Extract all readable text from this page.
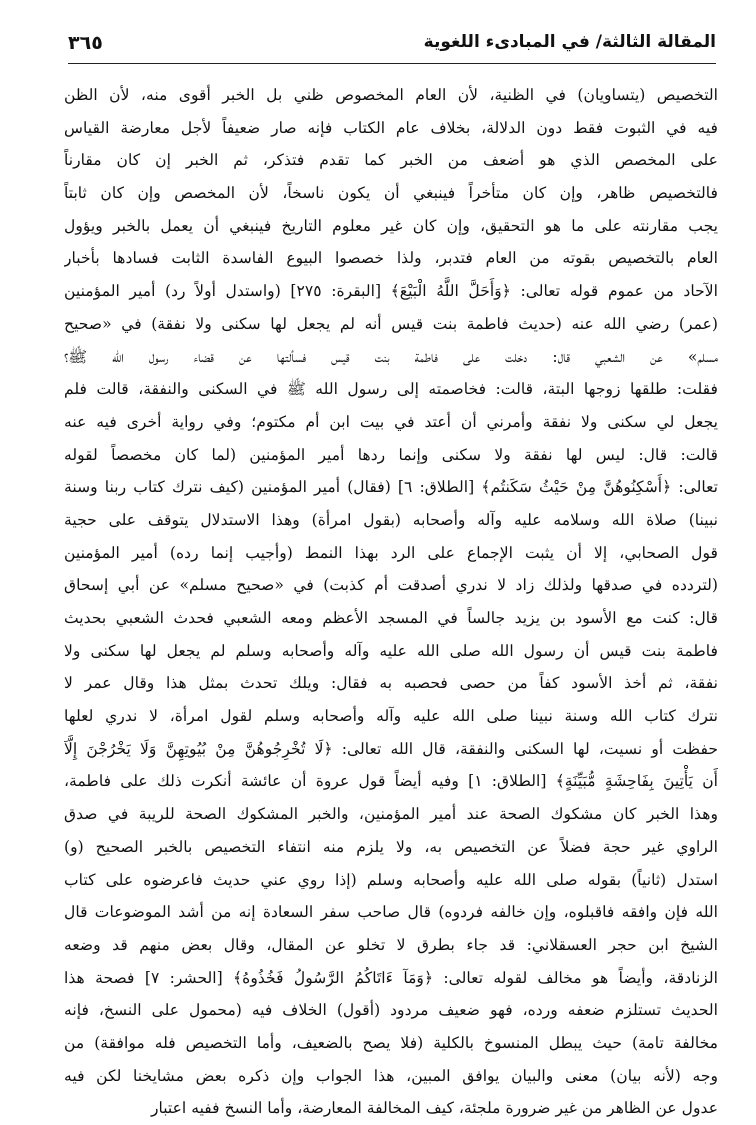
٣٦٥	المقالة الثالثة/ في المبادىء اللغوية
التخصيص (يتساويان) في الظنية، لأن العام المخصوص ظني بل الخبر أقوى منه، لأن الظن
فيه في الثبوت فقط دون الدلالة، بخلاف عام الكتاب فإنه صار ضعيفاً لأجل معارضة القياس
على المخصص الذي هو أضعف من الخبر كما تقدم فتذكر، ثم الخبر إن كان مقارناً
فالتخصيص ظاهر، وإن كان متأخراً فينبغي أن يكون ناسخاً، لأن المخصص وإن كان ثابتاً
يجب مقارنته على ما هو التحقيق، وإن كان غير معلوم التاريخ فينبغي أن يعمل بالخبر ويؤول
العام بالتخصيص بقوته من العام فتدبر، ولذا خصصوا البيوع الفاسدة الثابت فسادها بأخبار
الآحاد من عموم قوله تعالى: ﴿وَأَحَلَّ اللَّهُ الْبَيْعَ﴾ [البقرة: ٢٧٥] (واستدل أولاً رد) أمير المؤمنين
(عمر) رضي الله عنه (حديث فاطمة بنت قيس أنه لم يجعل لها سكنى ولا نفقة) في «صحيح
مسلم» عن الشعبي قال: دخلت على فاطمة بنت قيس فسألتها عن قضاء رسول الله ﷺ؟
فقلت: طلقها زوجها البتة، قالت: فخاصمته إلى رسول الله ﷺ في السكنى والنفقة، قالت فلم
يجعل لي سكنى ولا نفقة وأمرني أن أعتد في بيت ابن أم مكتوم؛ وفي رواية أخرى فيه عنه
قالت: قال: ليس لها نفقة ولا سكنى وإنما ردها أمير المؤمنين (لما كان مخصصاً لقوله
تعالى: ﴿أَسْكِنُوهُنَّ مِنْ حَيْثُ سَكَنتُم﴾ [الطلاق: ٦] (فقال) أمير المؤمنين (كيف نترك كتاب ربنا وسنة
نبينا) صلاة الله وسلامه عليه وآله وأصحابه (بقول امرأة) وهذا الاستدلال يتوقف على حجية
قول الصحابي، إلا أن يثبت الإجماع على الرد بهذا النمط (وأجيب إنما رده) أمير المؤمنين
(لتردده في صدقها ولذلك زاد لا ندري أصدقت أم كذبت) في «صحيح مسلم» عن أبي إسحاق
قال: كنت مع الأسود بن يزيد جالساً في المسجد الأعظم ومعه الشعبي فحدث الشعبي بحديث
فاطمة بنت قيس أن رسول الله صلى الله عليه وآله وأصحابه وسلم لم يجعل لها سكنى ولا
نفقة، ثم أخذ الأسود كفاً من حصى فحصبه به فقال: ويلك تحدث بمثل هذا وقال عمر لا
نترك كتاب الله وسنة نبينا صلى الله عليه وآله وأصحابه وسلم لقول امرأة، لا ندري لعلها
حفظت أو نسيت، لها السكنى والنفقة، قال الله تعالى: ﴿لَا تُخْرِجُوهُنَّ مِنْ بُيُوتِهِنَّ وَلَا يَخْرُجْنَ إِلَّآ
أَن يَأْتِينَ بِفَاحِشَةٍ مُّبَيِّنَةٍ﴾ [الطلاق: ١] وفيه أيضاً قول عروة أن عائشة أنكرت ذلك على فاطمة،
وهذا الخبر كان مشكوك الصحة عند أمير المؤمنين، والخبر المشكوك الصحة للريبة في صدق
الراوي غير حجة فضلاً عن التخصيص به، ولا يلزم منه انتفاء التخصيص بالخبر الصحيح (و)
استدل (ثانياً) بقوله صلى الله عليه وأصحابه وسلم (إذا روي عني حديث فاعرضوه على كتاب
الله فإن وافقه فاقبلوه، وإن خالفه فردوه) قال صاحب سفر السعادة إنه من أشد الموضوعات قال
الشيخ ابن حجر العسقلاني: قد جاء بطرق لا تخلو عن المقال، وقال بعض منهم قد وضعه
الزنادقة، وأيضاً هو مخالف لقوله تعالى: ﴿وَمَآ ءَاتَاكُمُ الرَّسُولُ فَخُذُوهُ﴾ [الحشر: ٧] فصحة هذا
الحديث تستلزم ضعفه ورده، فهو ضعيف مردود (أقول) الخلاف فيه (محمول على النسخ، فإنه
مخالفة تامة) حيث يبطل المنسوخ بالكلية (فلا يصح بالضعيف، وأما التخصيص فله موافقة) من
وجه (لأنه بيان) معنى والبيان يوافق المبين، هذا الجواب وإن ذكره بعض مشايخنا لكن فيه
عدول عن الظاهر من غير ضرورة ملجئة، كيف المخالفة المعارضة، وأما النسخ ففيه اعتبار
